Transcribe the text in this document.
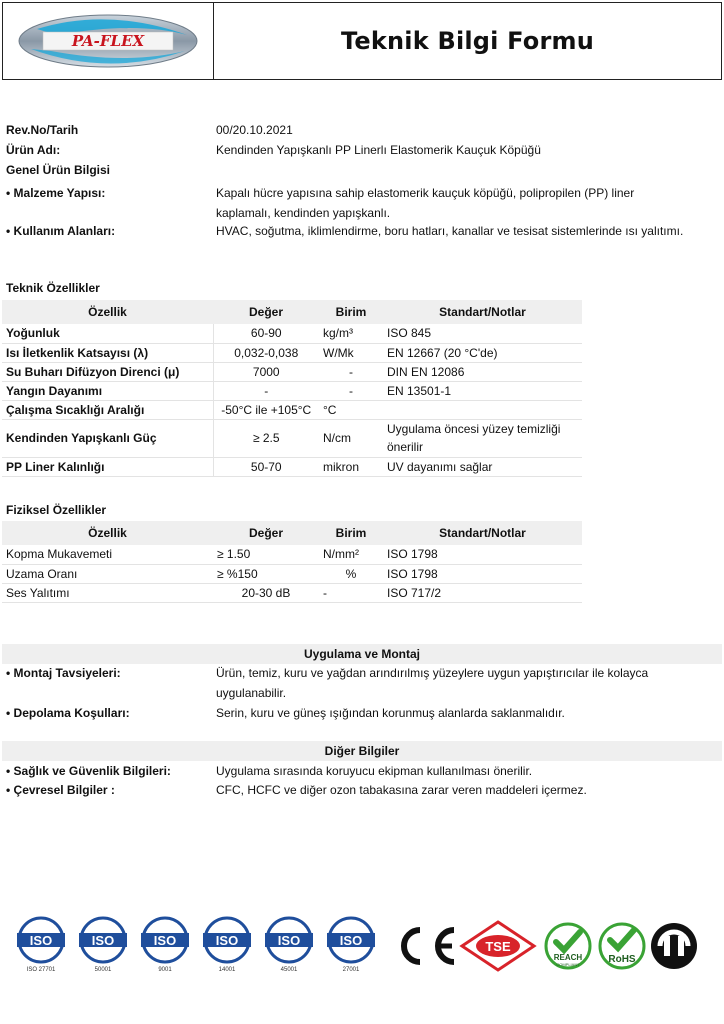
PA-FLEX	Teknik Bilgi Formu
Rev.No/Tarih	00/20.10.2021
Ürün Adı:	Kendinden Yapışkanlı PP Linerlı Elastomerik Kauçuk Köpüğü
Genel Ürün Bilgisi
• Malzeme Yapısı:	Kapalı hücre yapısına sahip elastomerik kauçuk köpüğü, polipropilen (PP) liner kaplamalı, kendinden yapışkanlı.
• Kullanım Alanları:	HVAC, soğutma, iklimlendirme, boru hatları, kanallar ve tesisat sistemlerinde ısı yalıtımı.
Teknik Özellikler
Özellik	Değer	Birim	Standart/Notlar
Yoğunluk	60-90	kg/m³	ISO 845
Isı İletkenlik Katsayısı (λ)	0,032-0,038	W/Mk	EN 12667 (20 °C'de)
Su Buharı Difüzyon Direnci (μ)	7000	-	DIN EN 12086
Yangın Dayanımı	-	-	EN 13501-1
Çalışma Sıcaklığı Aralığı	-50°C ile +105°C	°C	
Kendinden Yapışkanlı Güç	≥ 2.5	N/cm	Uygulama öncesi yüzey temizliği önerilir
PP Liner Kalınlığı	50-70	mikron	UV dayanımı sağlar
Fiziksel Özellikler
Özellik	Değer	Birim	Standart/Notlar
Kopma Mukavemeti	≥ 1.50	N/mm²	ISO 1798
Uzama Oranı	≥ %150	%	ISO 1798
Ses Yalıtımı	20-30 dB	-	ISO 717/2
Uygulama ve Montaj
• Montaj Tavsiyeleri:	Ürün, temiz, kuru ve yağdan arındırılmış yüzeylere uygun yapıştırıcılar ile kolayca uygulanabilir.
• Depolama Koşulları:	Serin, kuru ve güneş ışığından korunmuş alanlarda saklanmalıdır.
Diğer Bilgiler
• Sağlık ve Güvenlik Bilgileri:	Uygulama sırasında koruyucu ekipman kullanılması önerilir.
• Çevresel Bilgiler :	CFC, HCFC ve diğer ozon tabakasına zarar veren maddeleri içermez.
ISO
ISO 27701
ISO
50001
ISO
9001
ISO
14001
ISO
45001
ISO
27001
CE
TSE
REACH
COMPLIANT	RoHS
PCT
